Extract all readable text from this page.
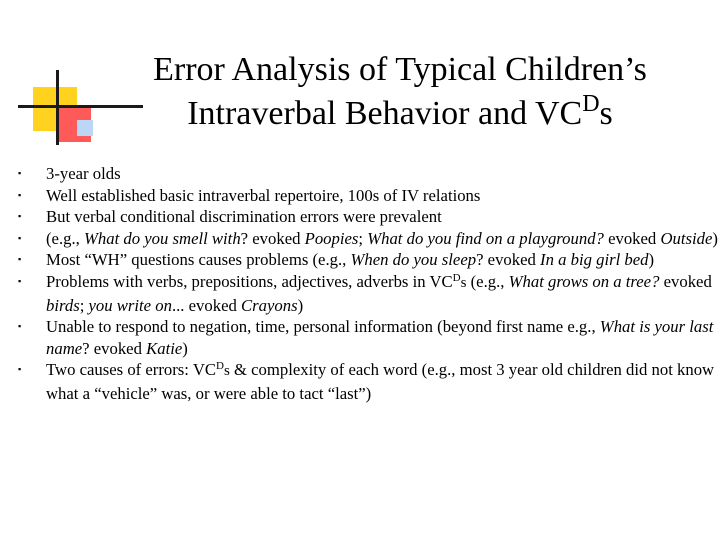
Error Analysis of Typical Children’s
Intraverbal Behavior and $VC^Ds$
▪	3-year olds
▪	Well established basic intraverbal repertoire, 100s of IV relations
▪	But verbal conditional discrimination errors were prevalent
▪	(e.g., What do you smell with? evoked Poopies; What do you find on a playground? evoked Outside)
▪	Most “WH” questions causes problems (e.g., When do you sleep? evoked In a big girl bed)
▪	Problems with verbs, prepositions, adjectives, adverbs in $VC^Ds$ (e.g., What grows on a tree? evoked birds; you write on... evoked Crayons)
▪	Unable to respond to negation, time, personal information (beyond first name e.g., What is your last name? evoked Katie)
▪	Two causes of errors: $VC^Ds$ & complexity of each word (e.g., most 3 year old children did not know what a “vehicle” was, or were able to tact “last”)
